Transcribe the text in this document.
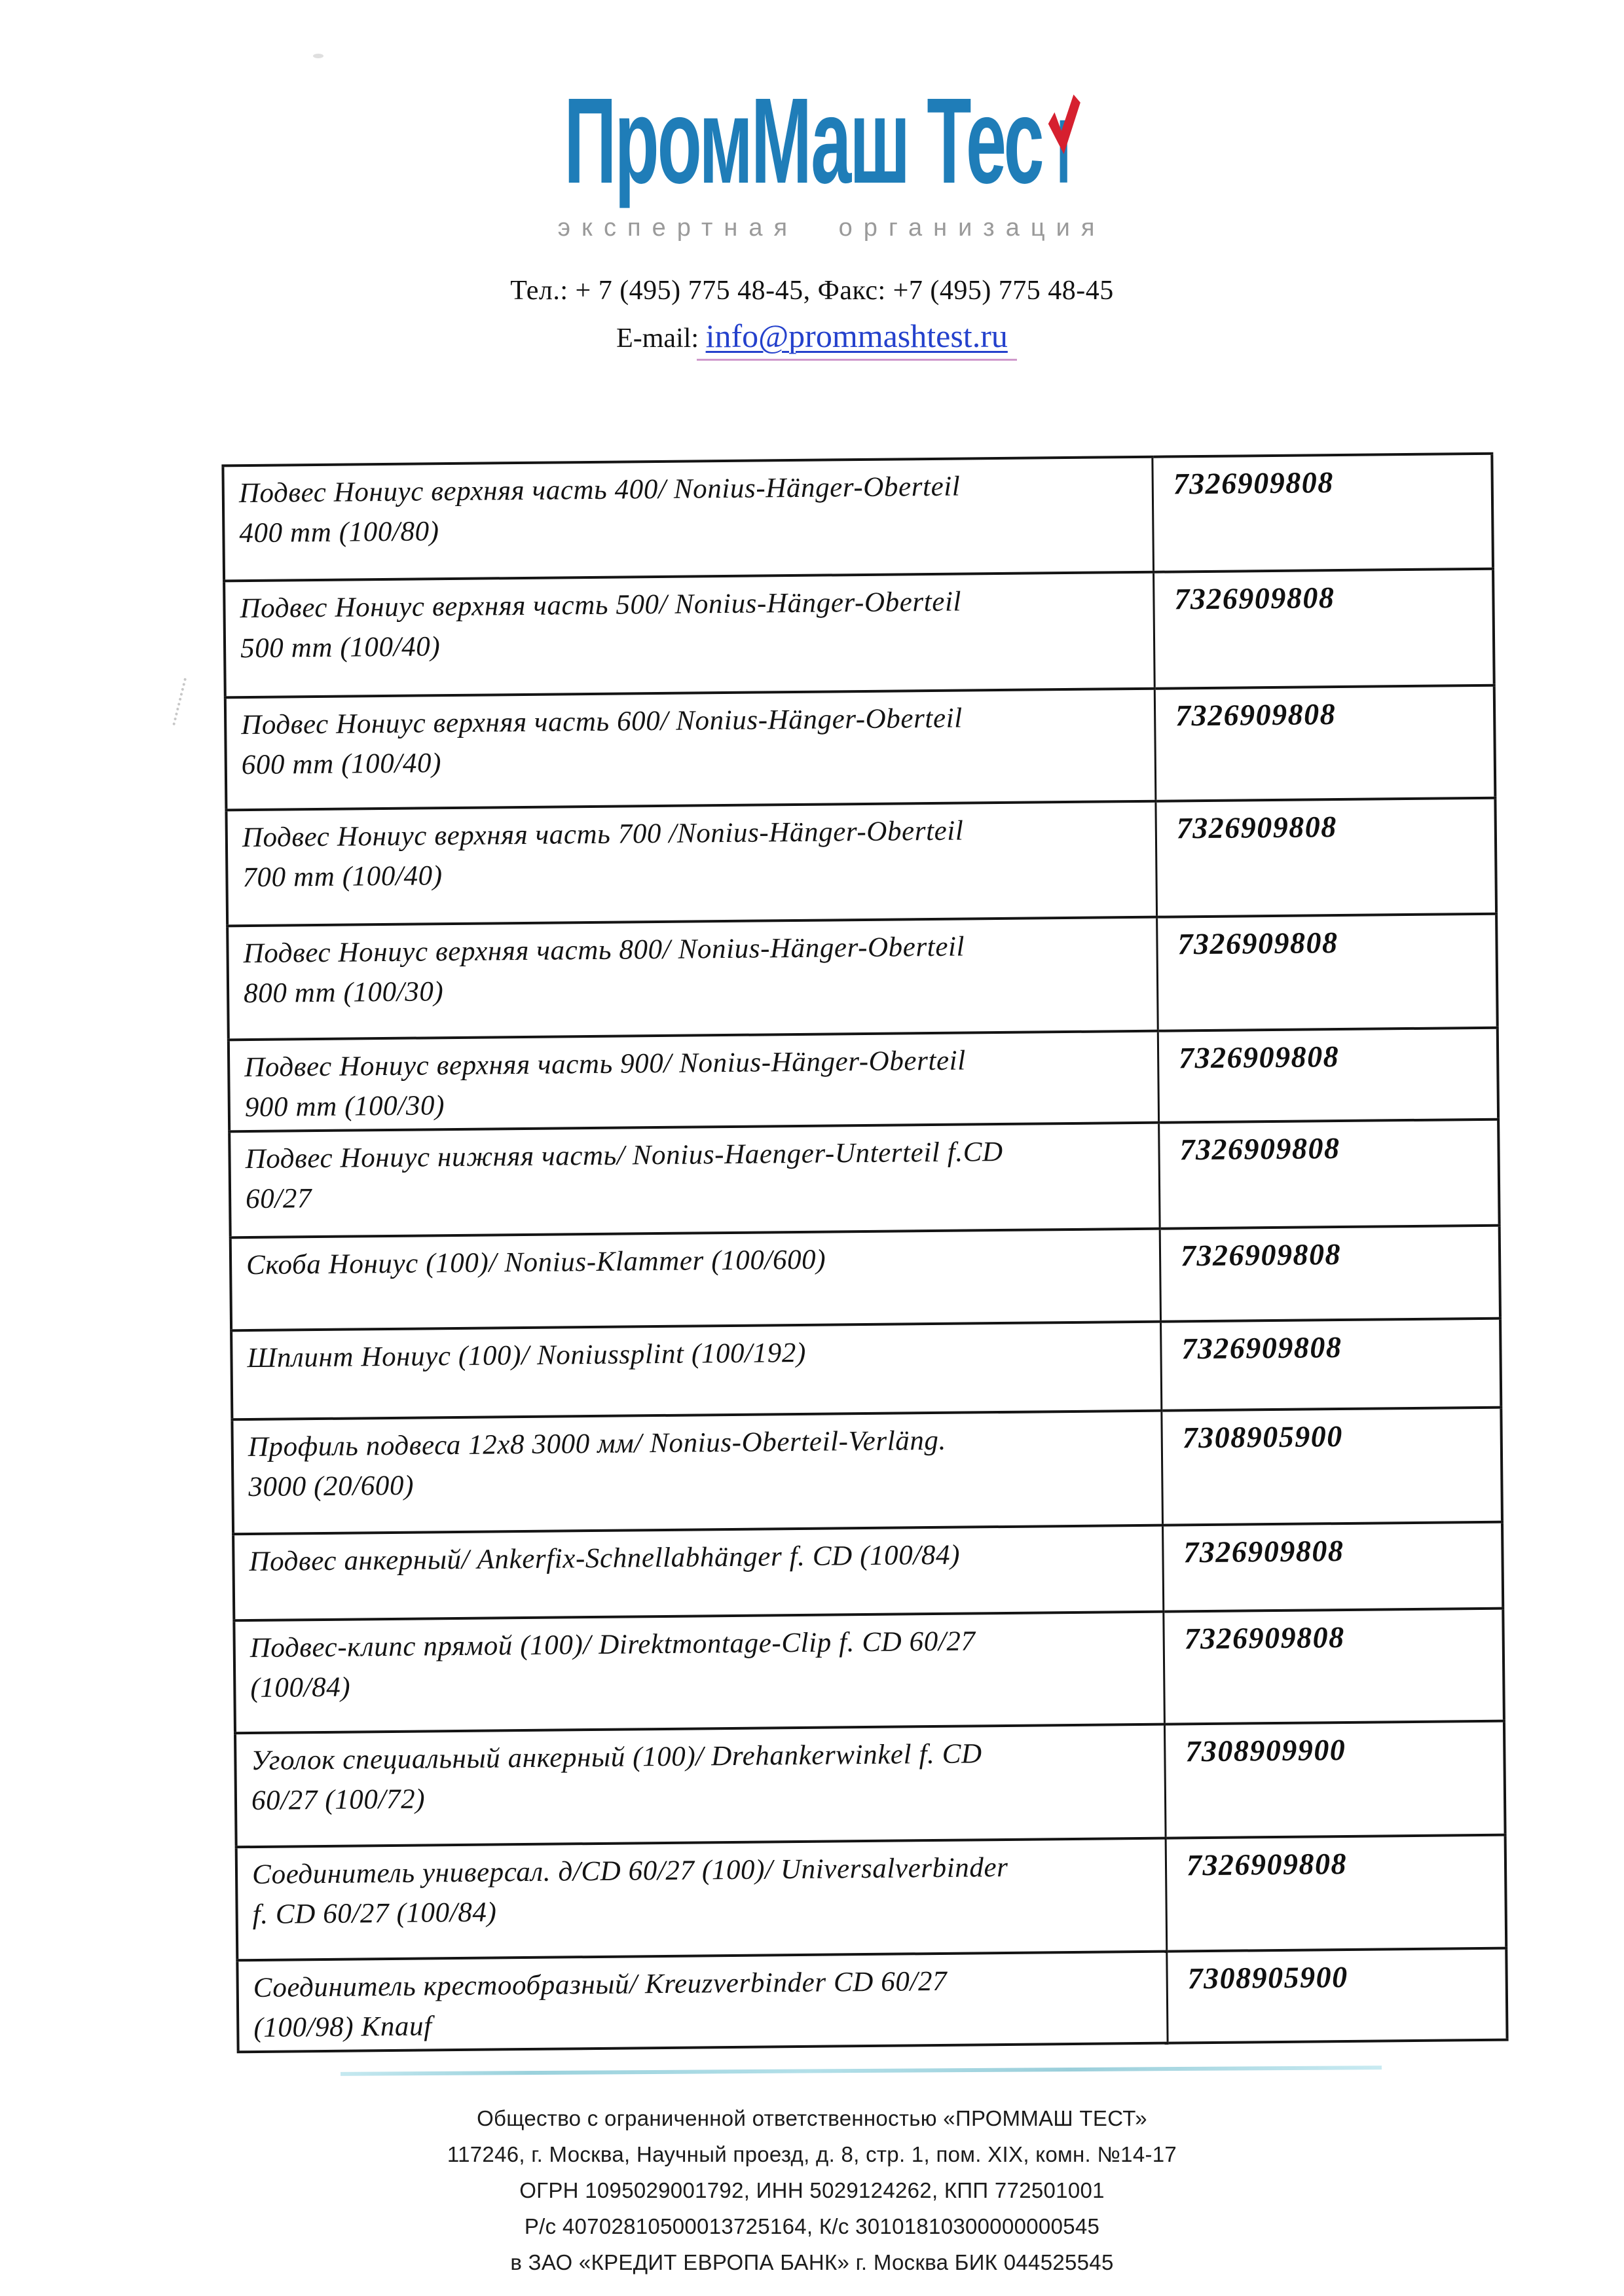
ПромМаш Тес
экспертная организация
Тел.: + 7 (495) 775 48-45, Факс: +7 (495) 775 48-45
E-mail: info@prommashtest.ru
Подвес Нониус верхняя часть 400/ Nonius-Hänger-Oberteil
400 mm (100/80)	7326909808
Подвес Нониус верхняя часть 500/ Nonius-Hänger-Oberteil
500 mm (100/40)	7326909808
Подвес Нониус верхняя часть 600/ Nonius-Hänger-Oberteil
600 mm (100/40)	7326909808
Подвес Нониус верхняя часть 700 /Nonius-Hänger-Oberteil
700 mm (100/40)	7326909808
Подвес Нониус верхняя часть 800/ Nonius-Hänger-Oberteil
800 mm (100/30)	7326909808
Подвес Нониус верхняя часть 900/ Nonius-Hänger-Oberteil
900 mm (100/30)	7326909808
Подвес Нониус нижняя часть/ Nonius-Haenger-Unterteil f.CD
60/27	7326909808
Скоба Нониус (100)/ Nonius-Klammer (100/600)	7326909808
Шплинт Нониус (100)/ Noniussplint (100/192)	7326909808
Профиль подвеса 12x8 3000 мм/ Nonius-Oberteil-Verläng.
3000 (20/600)	7308905900
Подвес анкерный/ Ankerfix-Schnellabhänger f. CD (100/84)	7326909808
Подвес-клипс прямой (100)/ Direktmontage-Clip f. CD 60/27
(100/84)	7326909808
Уголок специальный анкерный (100)/ Drehankerwinkel f. CD
60/27 (100/72)	7308909900
Соединитель универсал. д/CD 60/27 (100)/ Universalverbinder
f. CD 60/27 (100/84)	7326909808
Соединитель крестообразный/ Kreuzverbinder CD 60/27
(100/98) Knauf	7308905900
Общество с ограниченной ответственностью «ПРОММАШ ТЕСТ»
117246, г. Москва, Научный проезд, д. 8, стр. 1, пом. XIX, комн. №14-17
ОГРН 1095029001792, ИНН 5029124262, КПП 772501001
Р/с 40702810500013725164, К/с 30101810300000000545
в ЗАО «КРЕДИТ ЕВРОПА БАНК» г. Москва БИК 044525545
